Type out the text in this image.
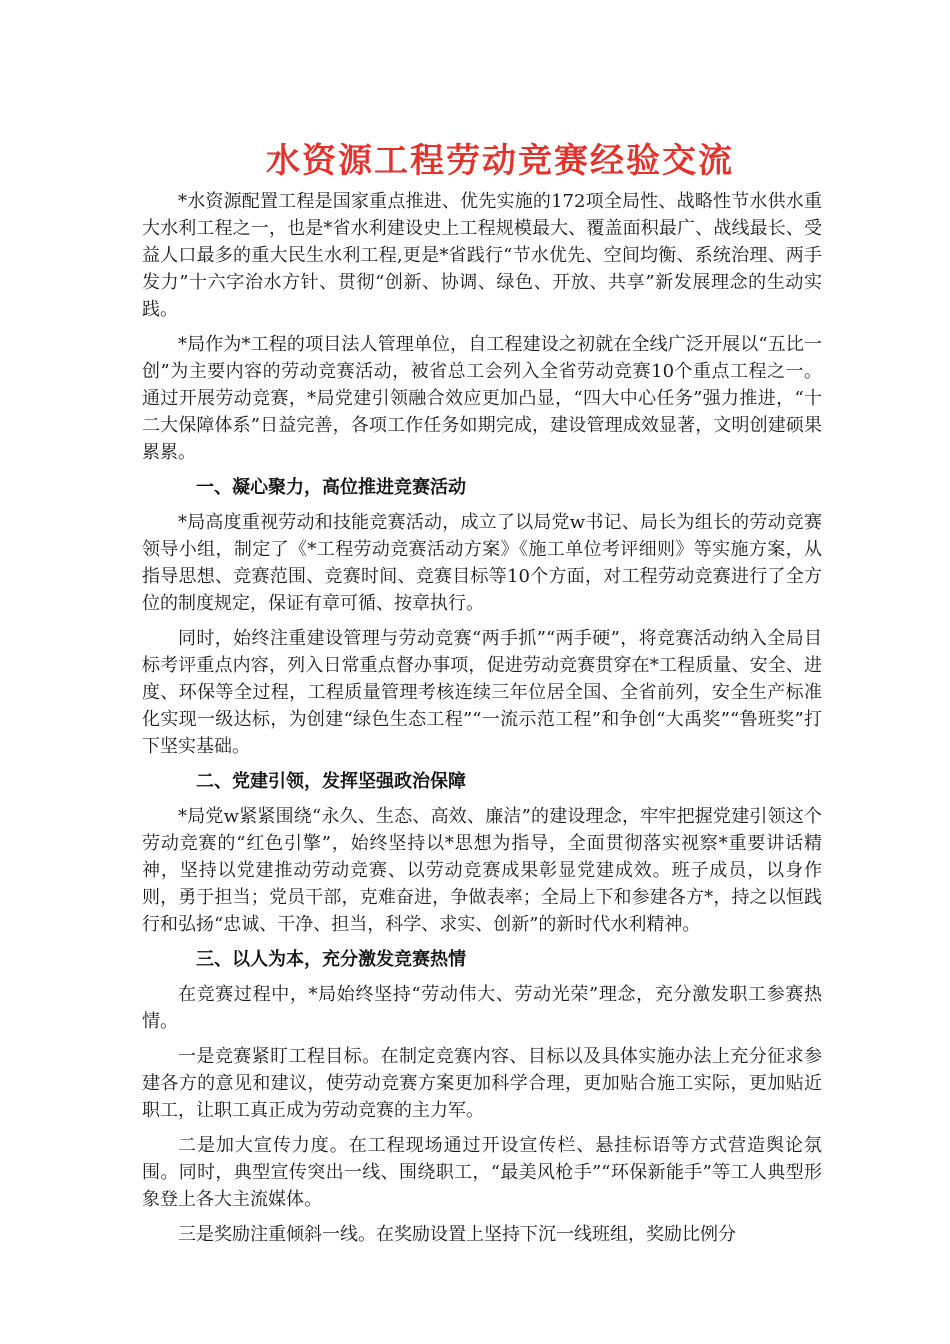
水资源工程劳动竞赛经验交流

*水资源配置工程是国家重点推进、优先实施的172项全局性、战略性节水供水重大水利工程之一，也是*省水利建设史上工程规模最大、覆盖面积最广、战线最长、受益人口最多的重大民生水利工程,更是*省践行“节水优先、空间均衡、系统治理、两手发力”十六字治水方针、贯彻“创新、协调、绿色、开放、共享”新发展理念的生动实践。

*局作为*工程的项目法人管理单位，自工程建设之初就在全线广泛开展以“五比一创”为主要内容的劳动竞赛活动，被省总工会列入全省劳动竞赛10个重点工程之一。通过开展劳动竞赛，*局党建引领融合效应更加凸显，“四大中心任务”强力推进，“十二大保障体系”日益完善，各项工作任务如期完成，建设管理成效显著，文明创建硕果累累。

一、凝心聚力，高位推进竞赛活动

*局高度重视劳动和技能竞赛活动，成立了以局党w书记、局长为组长的劳动竞赛领导小组，制定了《*工程劳动竞赛活动方案》《施工单位考评细则》等实施方案，从指导思想、竞赛范围、竞赛时间、竞赛目标等10个方面，对工程劳动竞赛进行了全方位的制度规定，保证有章可循、按章执行。

同时，始终注重建设管理与劳动竞赛“两手抓”“两手硬”，将竞赛活动纳入全局目标考评重点内容，列入日常重点督办事项，促进劳动竞赛贯穿在*工程质量、安全、进度、环保等全过程，工程质量管理考核连续三年位居全国、全省前列，安全生产标准化实现一级达标，为创建“绿色生态工程”“一流示范工程”和争创“大禹奖”“鲁班奖”打下坚实基础。

二、党建引领，发挥坚强政治保障

*局党w紧紧围绕“永久、生态、高效、廉洁”的建设理念，牢牢把握党建引领这个劳动竞赛的“红色引擎”，始终坚持以*思想为指导，全面贯彻落实视察*重要讲话精神，坚持以党建推动劳动竞赛、以劳动竞赛成果彰显党建成效。班子成员，以身作则，勇于担当；党员干部，克难奋进，争做表率；全局上下和参建各方*，持之以恒践行和弘扬“忠诚、干净、担当，科学、求实、创新”的新时代水利精神。

三、以人为本，充分激发竞赛热情

在竞赛过程中，*局始终坚持“劳动伟大、劳动光荣”理念，充分激发职工参赛热情。

一是竞赛紧盯工程目标。在制定竞赛内容、目标以及具体实施办法上充分征求参建各方的意见和建议，使劳动竞赛方案更加科学合理，更加贴合施工实际，更加贴近职工，让职工真正成为劳动竞赛的主力军。

二是加大宣传力度。在工程现场通过开设宣传栏、悬挂标语等方式营造舆论氛围。同时，典型宣传突出一线、围绕职工，“最美风枪手”“环保新能手”等工人典型形象登上各大主流媒体。

三是奖励注重倾斜一线。在奖励设置上坚持下沉一线班组，奖励比例分
